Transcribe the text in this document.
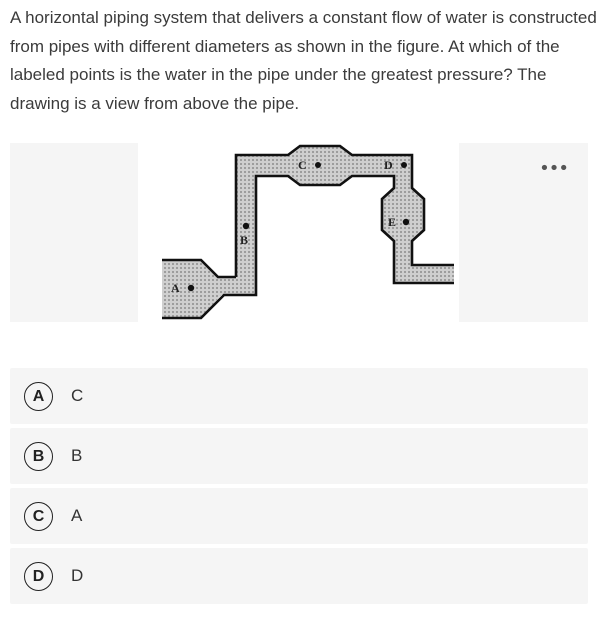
A horizontal piping system that delivers a constant flow of water is constructed from pipes with different diameters as shown in the figure. At which of the labeled points is the water in the pipe under the greatest pressure? The drawing is a view from above the pipe.
A
B
C	D
E
•••
A	C
B	B
C	A
D	D
